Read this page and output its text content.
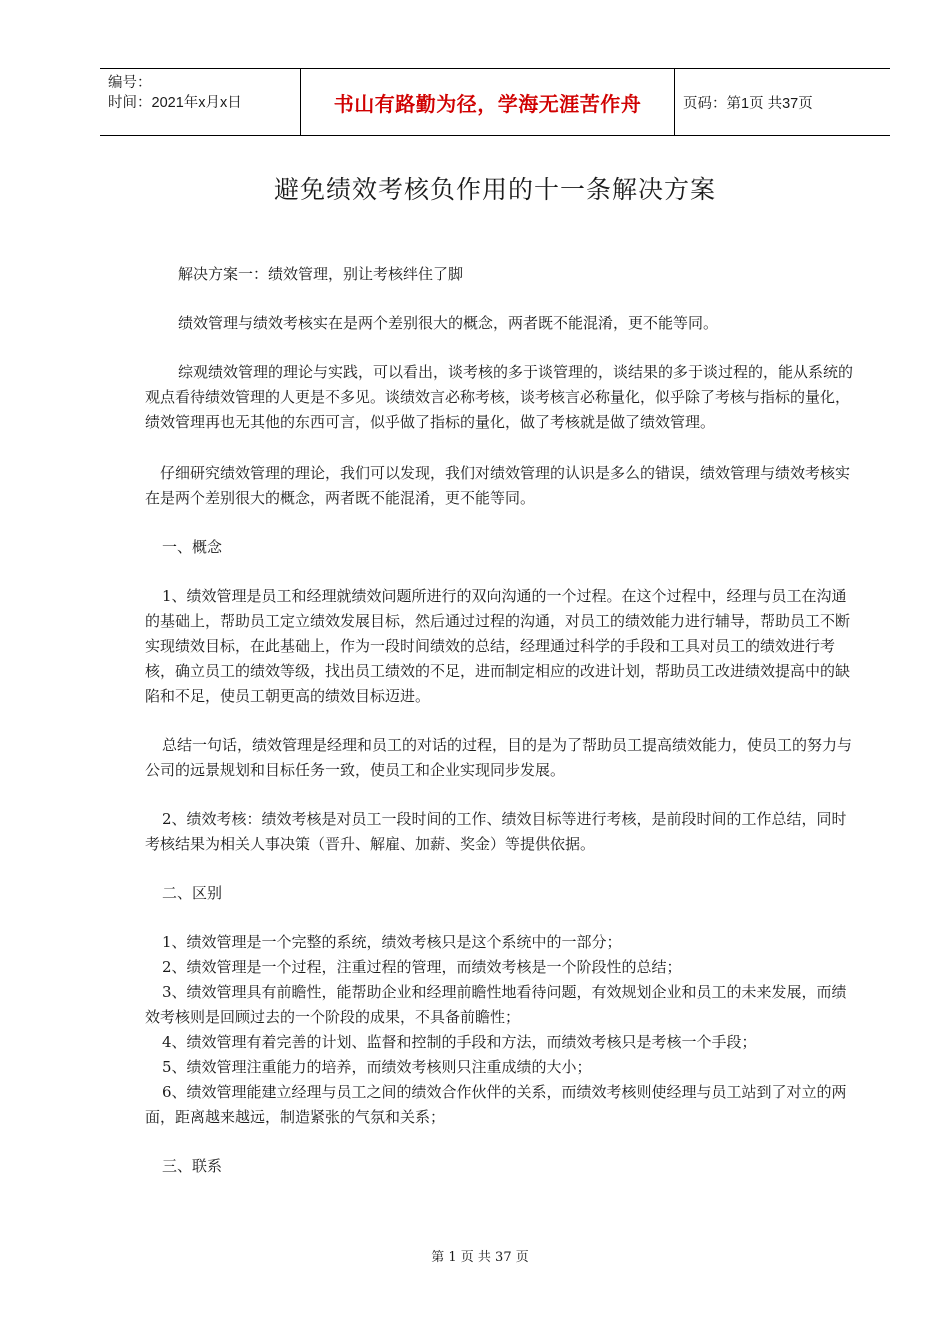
编号：
时间：2021年x月x日	书山有路勤为径，学海无涯苦作舟	页码：第1页 共37页
避免绩效考核负作用的十一条解决方案

解决方案一：绩效管理，别让考核绊住了脚

绩效管理与绩效考核实在是两个差别很大的概念，两者既不能混淆，更不能等同。

综观绩效管理的理论与实践，可以看出，谈考核的多于谈管理的，谈结果的多于谈过程的，能从系统的观点看待绩效管理的人更是不多见。谈绩效言必称考核，谈考核言必称量化，似乎除了考核与指标的量化，绩效管理再也无其他的东西可言，似乎做了指标的量化，做了考核就是做了绩效管理。

仔细研究绩效管理的理论，我们可以发现，我们对绩效管理的认识是多么的错误，绩效管理与绩效考核实在是两个差别很大的概念，两者既不能混淆，更不能等同。

一、概念

1、绩效管理是员工和经理就绩效问题所进行的双向沟通的一个过程。在这个过程中，经理与员工在沟通的基础上，帮助员工定立绩效发展目标，然后通过过程的沟通，对员工的绩效能力进行辅导，帮助员工不断实现绩效目标，在此基础上，作为一段时间绩效的总结，经理通过科学的手段和工具对员工的绩效进行考核，确立员工的绩效等级，找出员工绩效的不足，进而制定相应的改进计划，帮助员工改进绩效提高中的缺陷和不足，使员工朝更高的绩效目标迈进。

总结一句话，绩效管理是经理和员工的对话的过程，目的是为了帮助员工提高绩效能力，使员工的努力与公司的远景规划和目标任务一致，使员工和企业实现同步发展。

2、绩效考核：绩效考核是对员工一段时间的工作、绩效目标等进行考核，是前段时间的工作总结，同时考核结果为相关人事决策（晋升、解雇、加薪、奖金）等提供依据。

二、区别

1、绩效管理是一个完整的系统，绩效考核只是这个系统中的一部分；

2、绩效管理是一个过程，注重过程的管理，而绩效考核是一个阶段性的总结；

3、绩效管理具有前瞻性，能帮助企业和经理前瞻性地看待问题，有效规划企业和员工的未来发展，而绩效考核则是回顾过去的一个阶段的成果，不具备前瞻性；

4、绩效管理有着完善的计划、监督和控制的手段和方法，而绩效考核只是考核一个手段；

5、绩效管理注重能力的培养，而绩效考核则只注重成绩的大小；

6、绩效管理能建立经理与员工之间的绩效合作伙伴的关系，而绩效考核则使经理与员工站到了对立的两面，距离越来越远，制造紧张的气氛和关系；

三、联系

第 1 页 共 37 页
